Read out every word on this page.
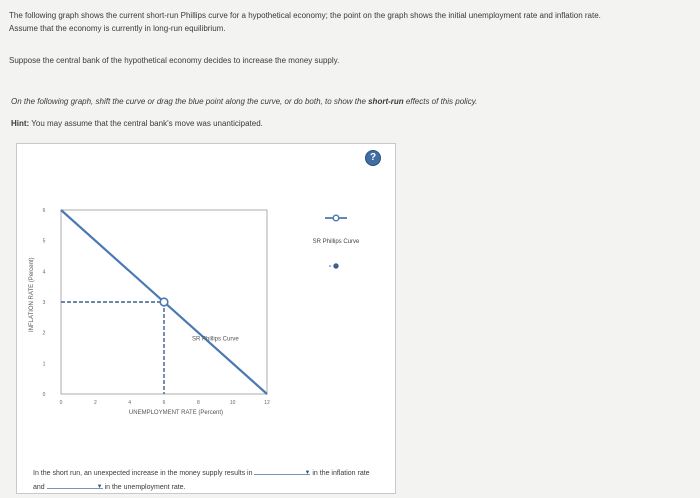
The following graph shows the current short-run Phillips curve for a hypothetical economy; the point on the graph shows the initial unemployment rate and inflation rate. Assume that the economy is currently in long-run equilibrium.
Suppose the central bank of the hypothetical economy decides to increase the money supply.
On the following graph, shift the curve or drag the blue point along the curve, or do both, to show the short-run effects of this policy.
Hint: You may assume that the central bank's move was unanticipated.
?
0	2	4	6	8	10	12
0
1
2
3
4
5
6
SR Phillips Curve
INFLATION RATE (Percent)
UNEMPLOYMENT RATE (Percent)
SR Phillips Curve
In the short run, an unexpected increase in the money supply results in	▼ in the inflation rate and	▼ in the unemployment rate.
